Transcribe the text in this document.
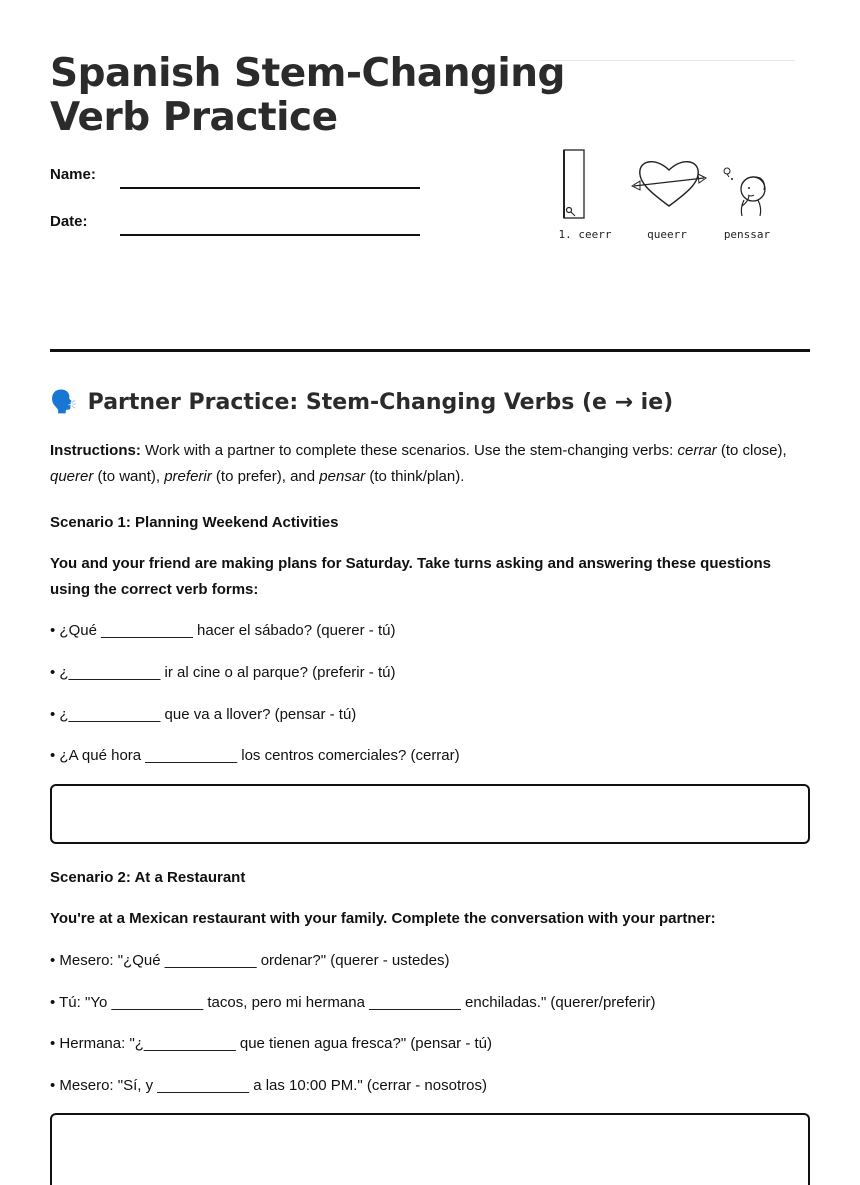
Spanish Stem-Changing
Verb Practice
Name:
Date:
1. ceerr	queerr	penssar
🗣️ Partner Practice: Stem-Changing Verbs (e → ie)
Instructions: Work with a partner to complete these scenarios. Use the stem-changing verbs: cerrar (to close), querer (to want), preferir (to prefer), and pensar (to think/plan).
Scenario 1: Planning Weekend Activities
You and your friend are making plans for Saturday. Take turns asking and answering these questions using the correct verb forms:
• ¿Qué ___________ hacer el sábado? (querer - tú)
• ¿___________ ir al cine o al parque? (preferir - tú)
• ¿___________ que va a llover? (pensar - tú)
• ¿A qué hora ___________ los centros comerciales? (cerrar)
Scenario 2: At a Restaurant
You're at a Mexican restaurant with your family. Complete the conversation with your partner:
• Mesero: "¿Qué ___________ ordenar?" (querer - ustedes)
• Tú: "Yo ___________ tacos, pero mi hermana ___________ enchiladas." (querer/preferir)
• Hermana: "¿___________ que tienen agua fresca?" (pensar - tú)
• Mesero: "Sí, y ___________ a las 10:00 PM." (cerrar - nosotros)
